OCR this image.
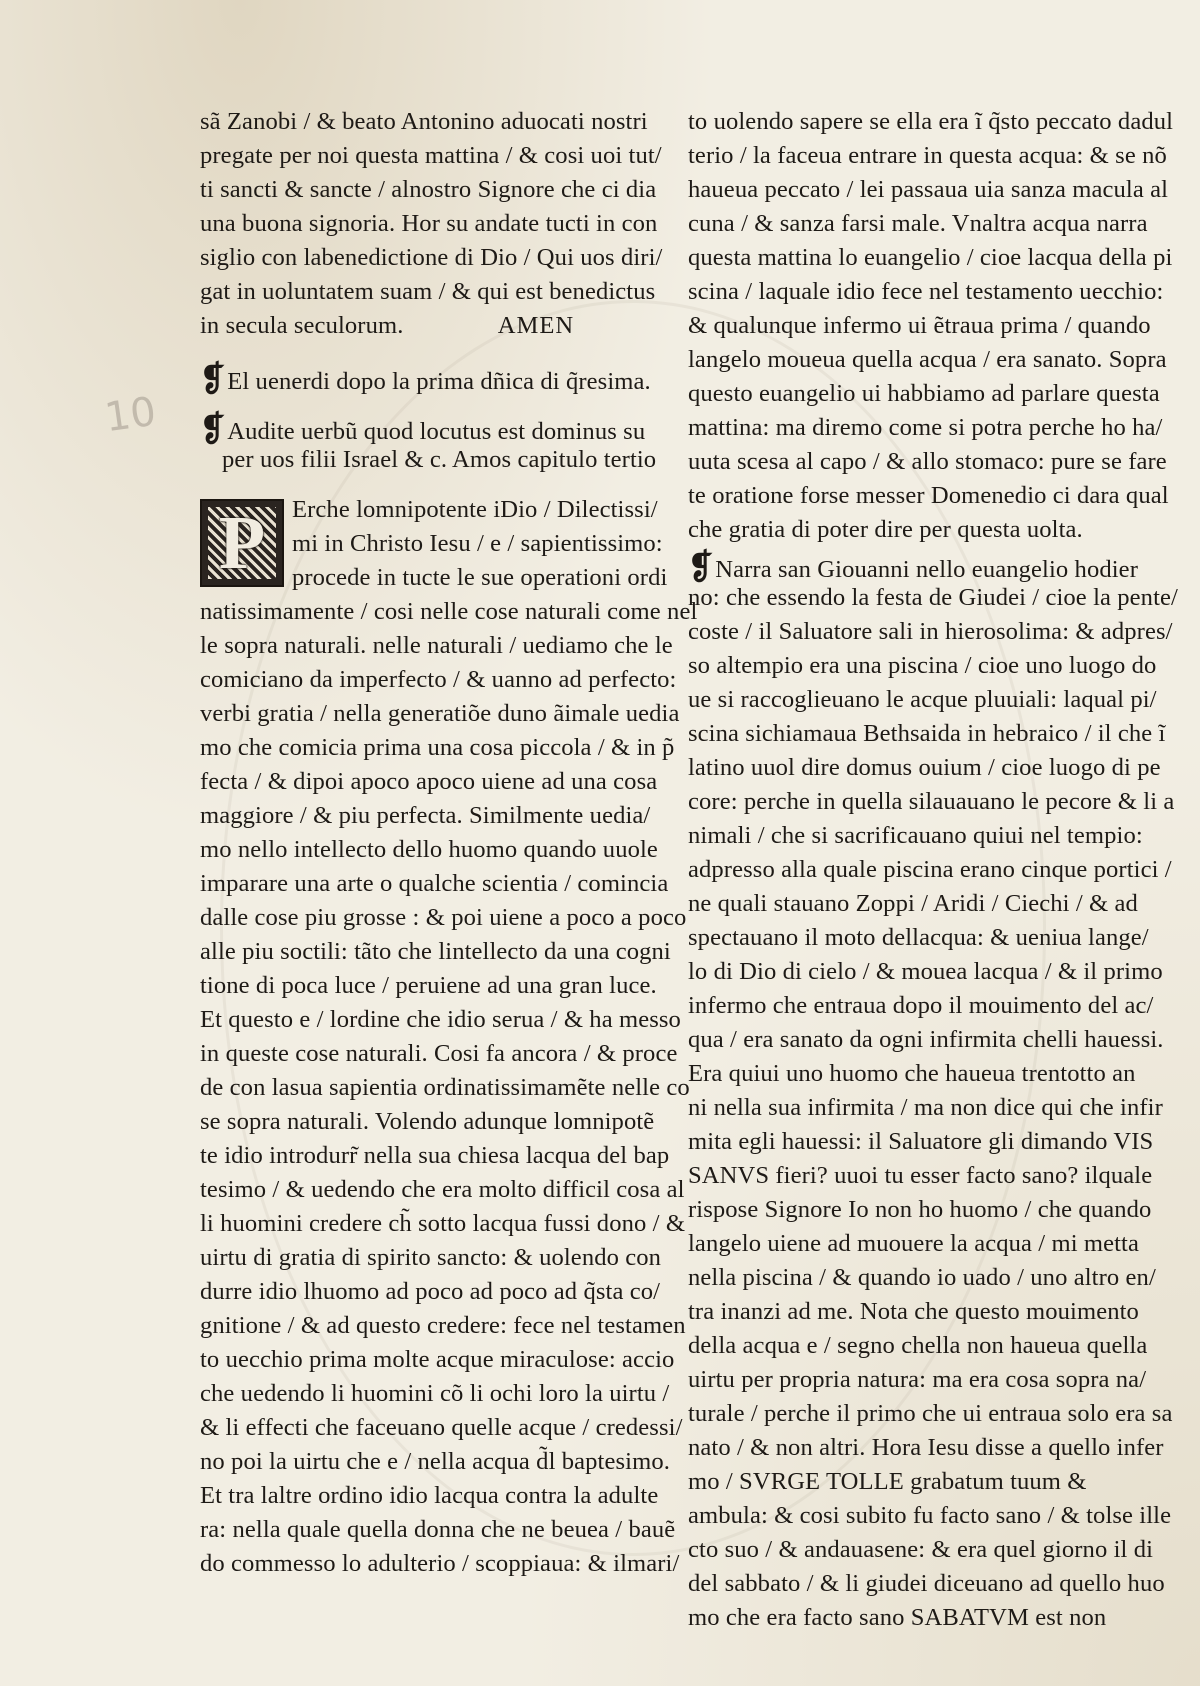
10
sã Zanobi / & beato Antonino aduocati nostri
pregate per noi questa mattina / & cosi uoi tut/
ti sancti & sancte / alnostro Signore che ci dia
una buona signoria. Hor su andate tucti in con
siglio con labenedictione di Dio / Qui uos diri/
gat in uoluntatem suam / & qui est benedictus
in secula seculorum.	AMEN
❡El uenerdi dopo la prima dñica di q̃resima.
❡Audite uerbũ quod locutus est dominus su
per uos filii Israel & c. Amos capitulo tertio
P	Erche lomnipotente iDio / Dilectissi/
mi in Christo Iesu / e / sapientissimo:
procede in tucte le sue operationi ordi
natissimamente / cosi nelle cose naturali come nel
le sopra naturali. nelle naturali / uediamo che le
comiciano da imperfecto / & uanno ad perfecto:
verbi gratia / nella generatiõe duno ãimale uedia
mo che comicia prima una cosa piccola / & in p̃
fecta / & dipoi apoco apoco uiene ad una cosa
maggiore / & piu perfecta. Similmente uedia/
mo nello intellecto dello huomo quando uuole
imparare una arte o qualche scientia / comincia
dalle cose piu grosse : & poi uiene a poco a poco
alle piu soctili: tãto che lintellecto da una cogni
tione di poca luce / peruiene ad una gran luce.
Et questo e / lordine che idio serua / & ha messo
in queste cose naturali. Cosi fa ancora / & proce
de con lasua sapientia ordinatissimamẽte nelle co
se sopra naturali. Volendo adunque lomnipotẽ
te idio introdurr̃ nella sua chiesa lacqua del bap
tesimo / & uedendo che era molto difficil cosa al
li huomini credere ch̃ sotto lacqua fussi dono / &
uirtu di gratia di spirito sancto: & uolendo con
durre idio lhuomo ad poco ad poco ad q̃sta co/
gnitione / & ad questo credere: fece nel testamen
to uecchio prima molte acque miraculose: accio
che uedendo li huomini cõ li ochi loro la uirtu /
& li effecti che faceuano quelle acque / credessi/
no poi la uirtu che e / nella acqua d̃l baptesimo.
Et tra laltre ordino idio lacqua contra la adulte
ra: nella quale quella donna che ne beuea / bauẽ
do commesso lo adulterio / scoppiaua: & ilmari/
to uolendo sapere se ella era ĩ q̃sto peccato dadul
terio / la faceua entrare in questa acqua: & se nõ
haueua peccato / lei passaua uia sanza macula al
cuna / & sanza farsi male. Vnaltra acqua narra
questa mattina lo euangelio / cioe lacqua della pi
scina / laquale idio fece nel testamento uecchio:
& qualunque infermo ui ẽtraua prima / quando
langelo moueua quella acqua / era sanato. Sopra
questo euangelio ui habbiamo ad parlare questa
mattina: ma diremo come si potra perche ho ha/
uuta scesa al capo / & allo stomaco: pure se fare
te oratione forse messer Domenedio ci dara qual
che gratia di poter dire per questa uolta.
❡Narra san Giouanni nello euangelio hodier
no: che essendo la festa de Giudei / cioe la pente/
coste / il Saluatore sali in hierosolima: & adpres/
so altempio era una piscina / cioe uno luogo do
ue si raccoglieuano le acque pluuiali: laqual pi/
scina sichiamaua Bethsaida in hebraico / il che ĩ
latino uuol dire domus ouium / cioe luogo di pe
core: perche in quella silauauano le pecore & li a
nimali / che si sacrificauano quiui nel tempio:
adpresso alla quale piscina erano cinque portici /
ne quali stauano Zoppi / Aridi / Ciechi / & ad
spectauano il moto dellacqua: & ueniua lange/
lo di Dio di cielo / & mouea lacqua / & il primo
infermo che entraua dopo il mouimento del ac/
qua / era sanato da ogni infirmita chelli hauessi.
Era quiui uno huomo che haueua trentotto an
ni nella sua infirmita / ma non dice qui che infir
mita egli hauessi: il Saluatore gli dimando VIS
SANVS fieri? uuoi tu esser facto sano? ilquale
rispose Signore Io non ho huomo / che quando
langelo uiene ad muouere la acqua / mi metta
nella piscina / & quando io uado / uno altro en/
tra inanzi ad me. Nota che questo mouimento
della acqua e / segno chella non haueua quella
uirtu per propria natura: ma era cosa sopra na/
turale / perche il primo che ui entraua solo era sa
nato / & non altri. Hora Iesu disse a quello infer
mo / SVRGE TOLLE grabatum tuum &
ambula: & cosi subito fu facto sano / & tolse ille
cto suo / & andauasene: & era quel giorno il di
del sabbato / & li giudei diceuano ad quello huo
mo che era facto sano SABATVM est non
